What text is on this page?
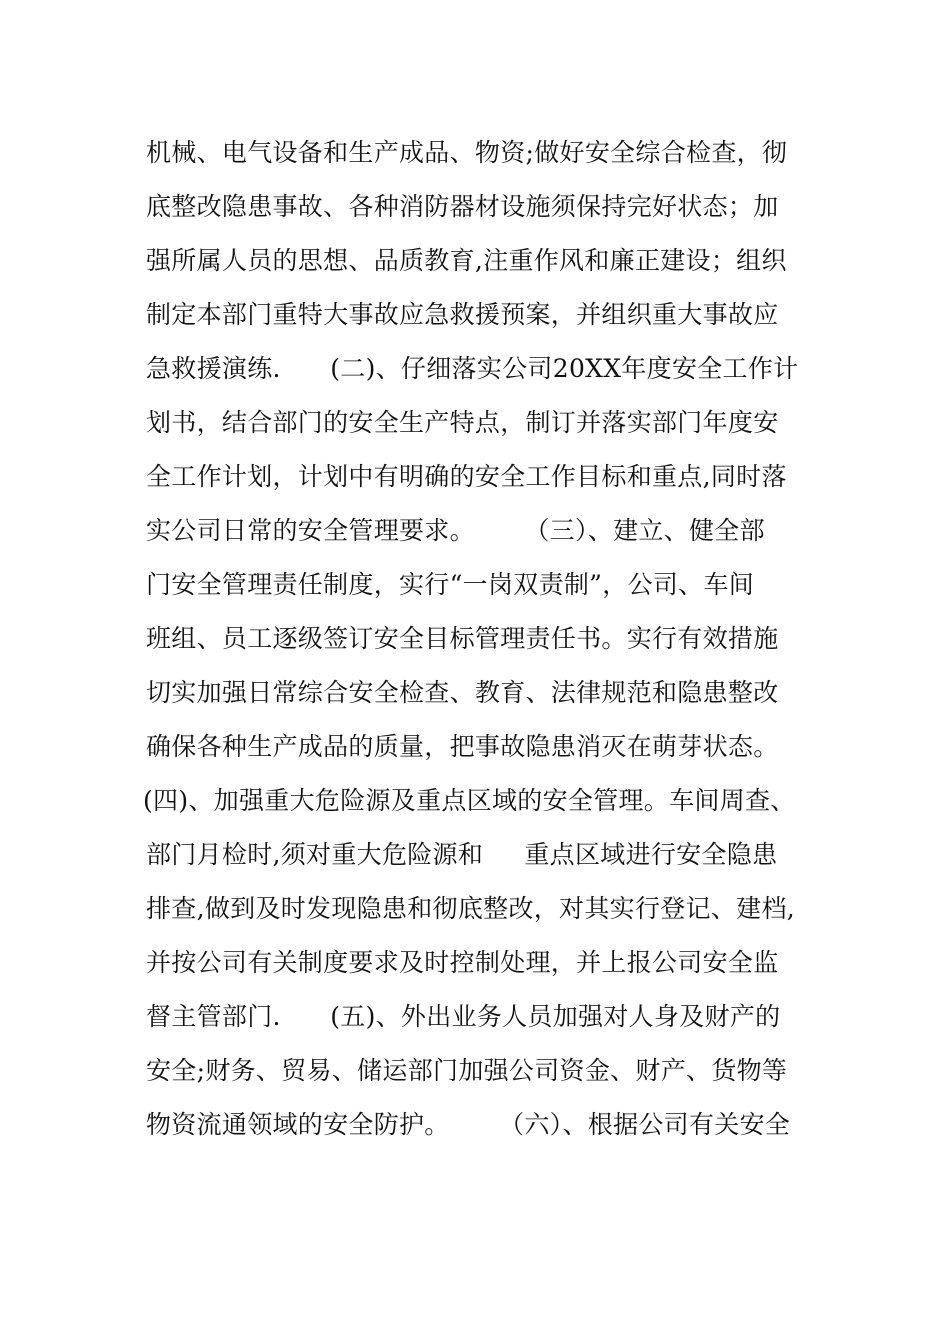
机械、电气设备和生产成品、物资;做好安全综合检查，彻
底整改隐患事故、各种消防器材设施须保持完好状态；加
强所属人员的思想、品质教育,注重作风和廉正建设；组织
制定本部门重特大事故应急救援预案，并组织重大事故应
急救援演练.      (二)、仔细落实公司20XX年度安全工作计
划书，结合部门的安全生产特点，制订并落实部门年度安
全工作计划，计划中有明确的安全工作目标和重点,同时落
实公司日常的安全管理要求。      （三）、建立、健全部
门安全管理责任制度，实行“一岗双责制”，公司、车间
班组、员工逐级签订安全目标管理责任书。实行有效措施
切实加强日常综合安全检查、教育、法律规范和隐患整改
确保各种生产成品的质量，把事故隐患消灭在萌芽状态。
(四)、加强重大危险源及重点区域的安全管理。车间周查、
部门月检时,须对重大危险源和     重点区域进行安全隐患
排查,做到及时发现隐患和彻底整改，对其实行登记、建档,
并按公司有关制度要求及时控制处理，并上报公司安全监
督主管部门.      (五)、外出业务人员加强对人身及财产的
安全;财务、贸易、储运部门加强公司资金、财产、货物等
物资流通领域的安全防护。      （六）、根据公司有关安全
